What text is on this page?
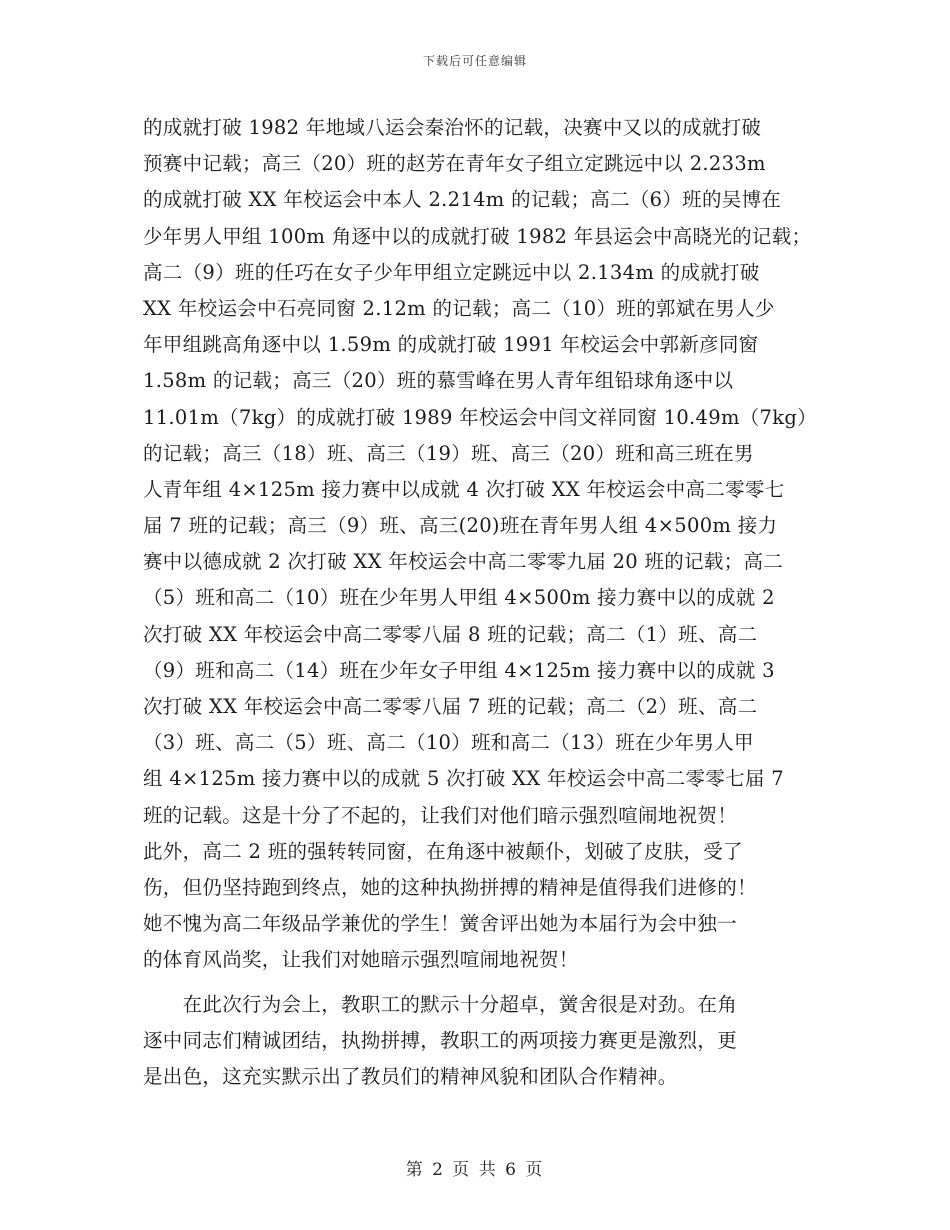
下载后可任意编辑
的成就打破 1982 年地域八运会秦治怀的记载，决赛中又以的成就打破
预赛中记载；高三（20）班的赵芳在青年女子组立定跳远中以 2.233m
的成就打破 XX 年校运会中本人 2.214m 的记载；高二（6）班的吴博在
少年男人甲组 100m 角逐中以的成就打破 1982 年县运会中高晓光的记载；
高二（9）班的任巧在女子少年甲组立定跳远中以 2.134m 的成就打破
XX 年校运会中石亮同窗 2.12m 的记载；高二（10）班的郭斌在男人少
年甲组跳高角逐中以 1.59m 的成就打破 1991 年校运会中郭新彦同窗
1.58m 的记载；高三（20）班的慕雪峰在男人青年组铅球角逐中以
11.01m（7kg）的成就打破 1989 年校运会中闫文祥同窗 10.49m（7kg）
的记载；高三（18）班、高三（19）班、高三（20）班和高三班在男
人青年组 4×125m 接力赛中以成就 4 次打破 XX 年校运会中高二零零七
届 7 班的记载；高三（9）班、高三(20)班在青年男人组 4×500m 接力
赛中以德成就 2 次打破 XX 年校运会中高二零零九届 20 班的记载；高二
（5）班和高二（10）班在少年男人甲组 4×500m 接力赛中以的成就 2
次打破 XX 年校运会中高二零零八届 8 班的记载；高二（1）班、高二
（9）班和高二（14）班在少年女子甲组 4×125m 接力赛中以的成就 3
次打破 XX 年校运会中高二零零八届 7 班的记载；高二（2）班、高二
（3）班、高二（5）班、高二（10）班和高二（13）班在少年男人甲
组 4×125m 接力赛中以的成就 5 次打破 XX 年校运会中高二零零七届 7
班的记载。这是十分了不起的，让我们对他们暗示强烈喧闹地祝贺！
此外，高二 2 班的强转转同窗，在角逐中被颠仆，划破了皮肤，受了
伤，但仍坚持跑到终点，她的这种执拗拼搏的精神是值得我们进修的！
她不愧为高二年级品学兼优的学生！黉舍评出她为本届行为会中独一
的体育风尚奖，让我们对她暗示强烈喧闹地祝贺！
　　在此次行为会上，教职工的默示十分超卓，黉舍很是对劲。在角
逐中同志们精诚团结，执拗拼搏，教职工的两项接力赛更是激烈，更
是出色，这充实默示出了教员们的精神风貌和团队合作精神。
第 2 页 共 6 页
